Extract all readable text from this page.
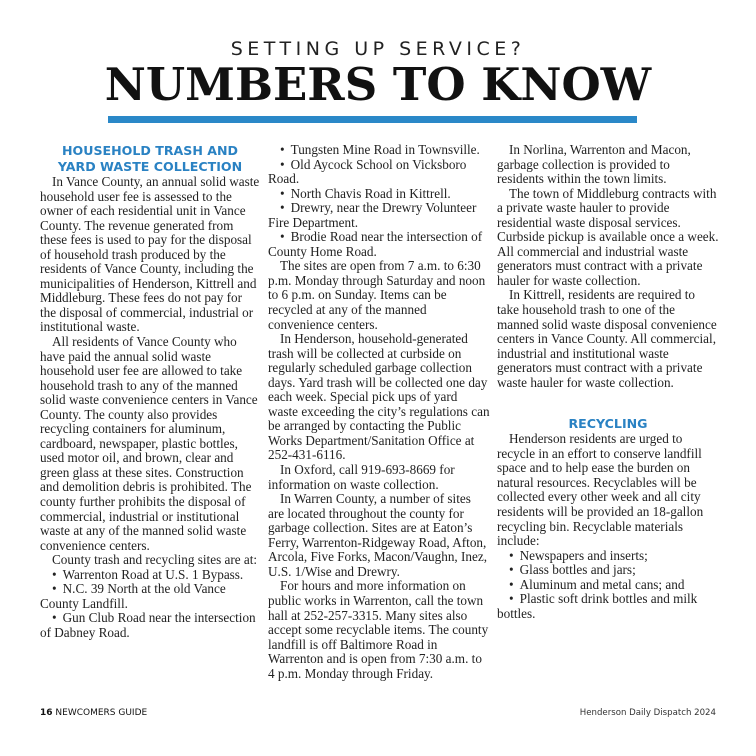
SETTING UP SERVICE?
NUMBERS TO KNOW
HOUSEHOLD TRASH AND
YARD WASTE COLLECTION

In Vance County, an annual solid waste household user fee is assessed to the owner of each residential unit in Vance County. The revenue generated from these fees is used to pay for the disposal of household trash produced by the residents of Vance County, including the municipalities of Henderson, Kittrell and Middleburg. These fees do not pay for the disposal of commercial, industrial or institutional waste.

All residents of Vance County who have paid the annual solid waste household user fee are allowed to take household trash to any of the manned solid waste convenience centers in Vance County. The county also provides recycling containers for aluminum, cardboard, newspaper, plastic bottles, used motor oil, and brown, clear and green glass at these sites. Construction and demolition debris is prohibited. The county further prohibits the disposal of commercial, industrial or institutional waste at any of the manned solid waste convenience centers.

County trash and recycling sites are at:

• Warrenton Road at U.S. 1 Bypass.

• N.C. 39 North at the old Vance County Landfill.

• Gun Club Road near the intersection of Dabney Road.

• Tungsten Mine Road in Townsville.

• Old Aycock School on Vicksboro Road.

• North Chavis Road in Kittrell.

• Drewry, near the Drewry Volunteer Fire Department.

• Brodie Road near the intersection of County Home Road.

The sites are open from 7 a.m. to 6:30 p.m. Monday through Saturday and noon to 6 p.m. on Sunday. Items can be recycled at any of the manned convenience centers.

In Henderson, household-generated trash will be collected at curbside on regularly scheduled garbage collection days. Yard trash will be collected one day each week. Special pick ups of yard waste exceeding the city’s regulations can be arranged by contacting the Public Works Department/Sanitation Office at 252-431-6116.

In Oxford, call 919-693-8669 for information on waste collection.

In Warren County, a number of sites are located throughout the county for garbage collection. Sites are at Eaton’s Ferry, Warrenton-Ridgeway Road, Afton, Arcola, Five Forks, Macon/Vaughn, Inez, U.S. 1/Wise and Drewry.

For hours and more information on public works in Warrenton, call the town hall at 252-257-3315. Many sites also accept some recyclable items. The county landfill is off Baltimore Road in Warrenton and is open from 7:30 a.m. to 4 p.m. Monday through Friday.

In Norlina, Warrenton and Macon, garbage collection is provided to residents within the town limits.

The town of Middleburg contracts with a private waste hauler to provide residential waste disposal services. Curbside pickup is available once a week. All commercial and industrial waste generators must contract with a private hauler for waste collection.

In Kittrell, residents are required to take household trash to one of the manned solid waste disposal convenience centers in Vance County. All commercial, industrial and institutional waste generators must contract with a private waste hauler for waste collection.

RECYCLING

Henderson residents are urged to recycle in an effort to conserve landfill space and to help ease the burden on natural resources. Recyclables will be collected every other week and all city residents will be provided an 18-gallon recycling bin. Recyclable materials include:

• Newspapers and inserts;

• Glass bottles and jars;

• Aluminum and metal cans; and

• Plastic soft drink bottles and milk bottles.

16 NEWCOMERS GUIDE	Henderson Daily Dispatch 2024
